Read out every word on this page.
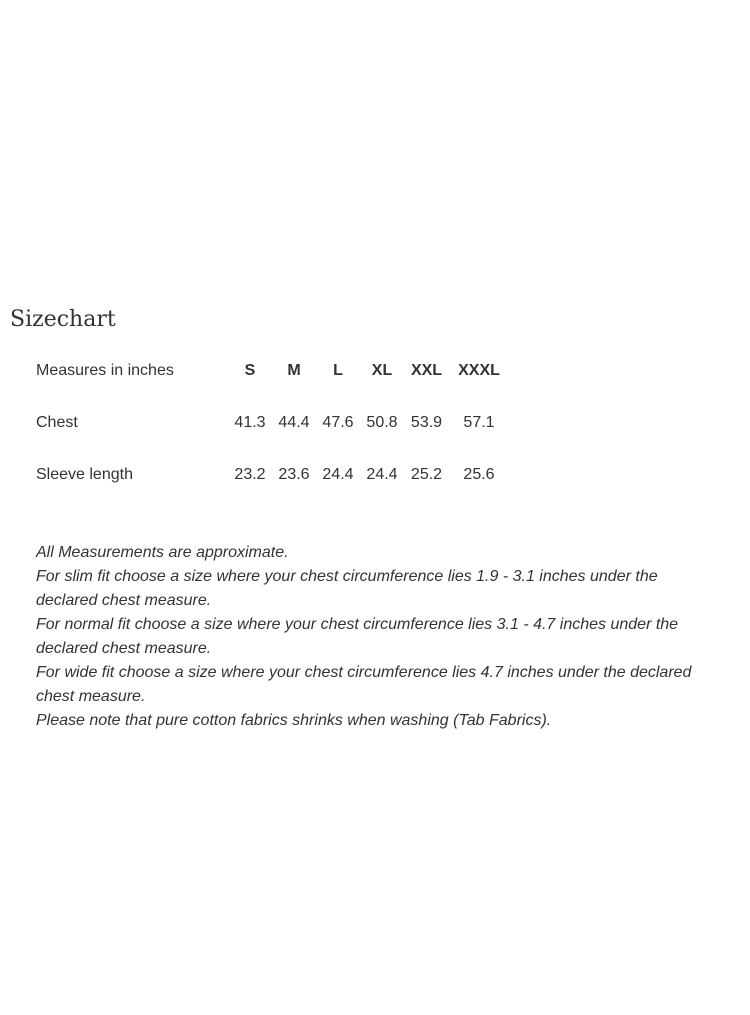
Sizechart
Measures in inches	S	M	L	XL	XXL	XXXL

Chest	41.3	44.4	47.6	50.8	53.9	57.1

Sleeve length	23.2	23.6	24.4	24.4	25.2	25.6

All Measurements are approximate.

For slim fit choose a size where your chest circumference lies 1.9 - 3.1 inches under the declared chest measure.

For normal fit choose a size where your chest circumference lies 3.1 - 4.7 inches under the declared chest measure.

For wide fit choose a size where your chest circumference lies 4.7 inches under the declared chest measure.

Please note that pure cotton fabrics shrinks when washing (Tab Fabrics).
